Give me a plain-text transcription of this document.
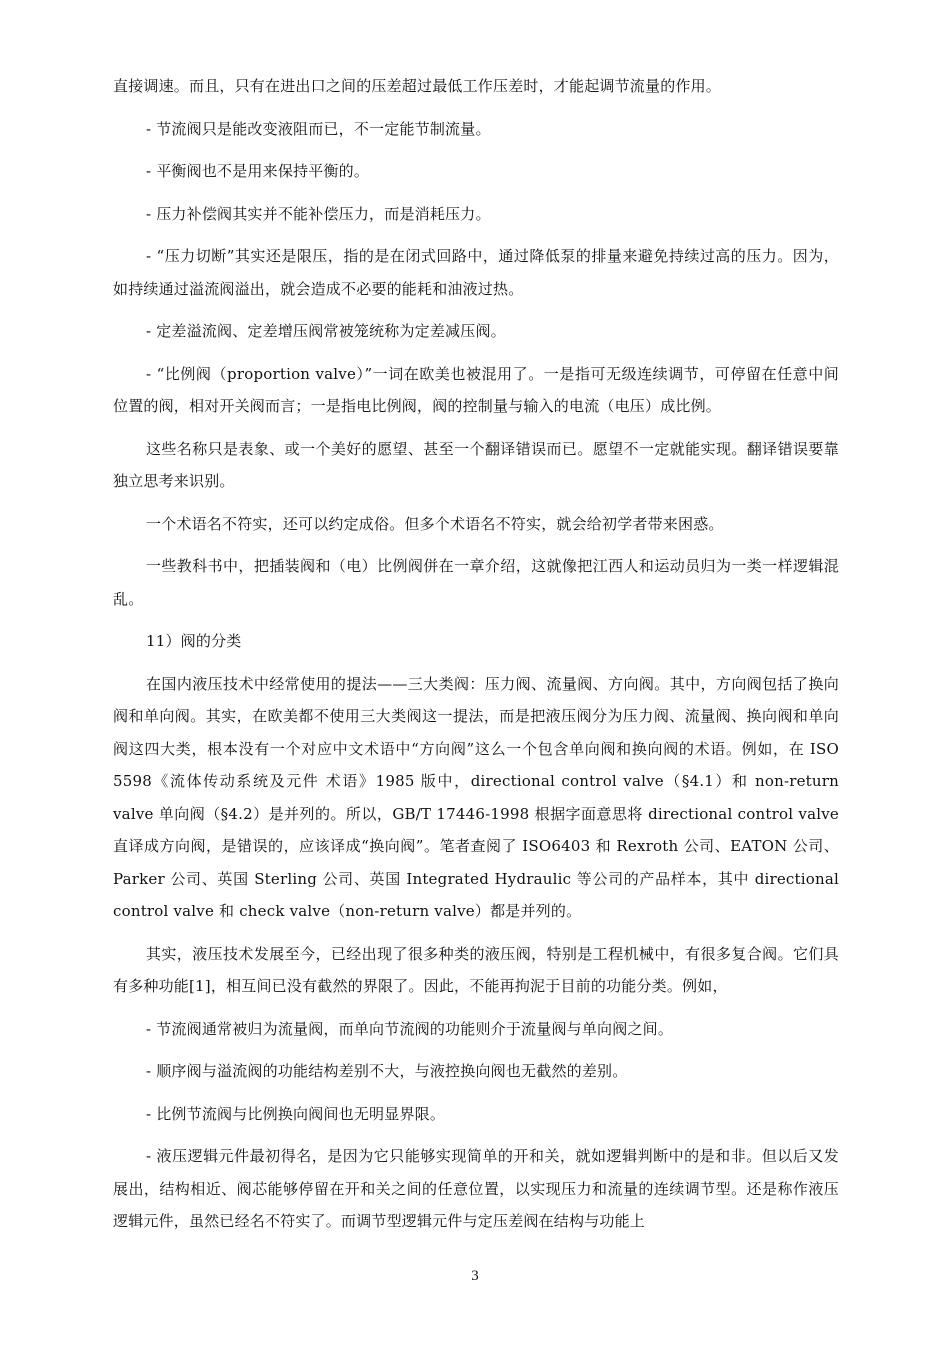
直接调速。而且，只有在进出口之间的压差超过最低工作压差时，才能起调节流量的作用。

- 节流阀只是能改变液阻而已，不一定能节制流量。

- 平衡阀也不是用来保持平衡的。

- 压力补偿阀其实并不能补偿压力，而是消耗压力。

- “压力切断”其实还是限压，指的是在闭式回路中，通过降低泵的排量来避免持续过高的压力。因为，如持续通过溢流阀溢出，就会造成不必要的能耗和油液过热。

- 定差溢流阀、定差增压阀常被笼统称为定差减压阀。

- “比例阀（proportion valve）”一词在欧美也被混用了。一是指可无级连续调节，可停留在任意中间位置的阀，相对开关阀而言；一是指电比例阀，阀的控制量与输入的电流（电压）成比例。

这些名称只是表象、或一个美好的愿望、甚至一个翻译错误而已。愿望不一定就能实现。翻译错误要靠独立思考来识别。

一个术语名不符实，还可以约定成俗。但多个术语名不符实，就会给初学者带来困惑。

一些教科书中，把插装阀和（电）比例阀併在一章介绍，这就像把江西人和运动员归为一类一样逻辑混乱。

11）阀的分类

在国内液压技术中经常使用的提法——三大类阀：压力阀、流量阀、方向阀。其中，方向阀包括了换向阀和单向阀。其实，在欧美都不使用三大类阀这一提法，而是把液压阀分为压力阀、流量阀、换向阀和单向阀这四大类，根本没有一个对应中文术语中“方向阀”这么一个包含单向阀和换向阀的术语。例如，在 ISO 5598《流体传动系统及元件 术语》1985 版中，directional control valve（§4.1）和 non-return valve 单向阀（§4.2）是并列的。所以，GB/T 17446-1998 根据字面意思将 directional control valve 直译成方向阀，是错误的，应该译成“换向阀”。笔者查阅了 ISO6403 和 Rexroth 公司、EATON 公司、Parker 公司、英国 Sterling 公司、英国 Integrated Hydraulic 等公司的产品样本，其中 directional control valve 和 check valve（non-return valve）都是并列的。

其实，液压技术发展至今，已经出现了很多种类的液压阀，特别是工程机械中，有很多复合阀。它们具有多种功能[1]，相互间已没有截然的界限了。因此，不能再拘泥于目前的功能分类。例如，

- 节流阀通常被归为流量阀，而单向节流阀的功能则介于流量阀与单向阀之间。

- 顺序阀与溢流阀的功能结构差别不大，与液控换向阀也无截然的差别。

- 比例节流阀与比例换向阀间也无明显界限。

- 液压逻辑元件最初得名，是因为它只能够实现简单的开和关，就如逻辑判断中的是和非。但以后又发展出，结构相近、阀芯能够停留在开和关之间的任意位置，以实现压力和流量的连续调节型。还是称作液压逻辑元件，虽然已经名不符实了。而调节型逻辑元件与定压差阀在结构与功能上

3
